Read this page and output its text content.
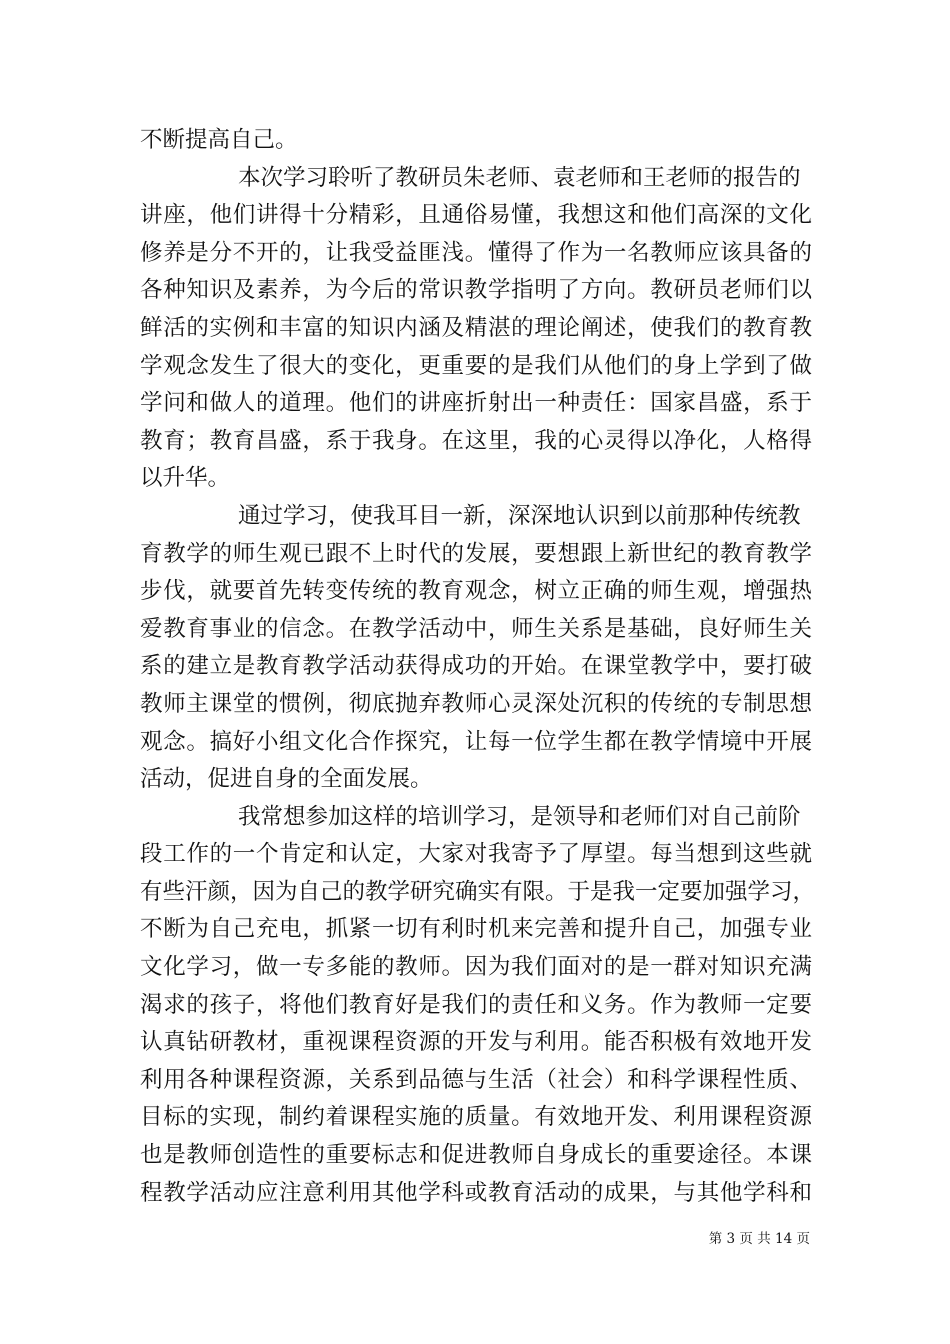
不断提高自己。
本次学习聆听了教研员朱老师、袁老师和王老师的报告的
讲座，他们讲得十分精彩，且通俗易懂，我想这和他们高深的文化
修养是分不开的，让我受益匪浅。懂得了作为一名教师应该具备的
各种知识及素养，为今后的常识教学指明了方向。教研员老师们以
鲜活的实例和丰富的知识内涵及精湛的理论阐述，使我们的教育教
学观念发生了很大的变化，更重要的是我们从他们的身上学到了做
学问和做人的道理。他们的讲座折射出一种责任：国家昌盛，系于
教育；教育昌盛，系于我身。在这里，我的心灵得以净化，人格得
以升华。
通过学习，使我耳目一新，深深地认识到以前那种传统教
育教学的师生观已跟不上时代的发展，要想跟上新世纪的教育教学
步伐，就要首先转变传统的教育观念，树立正确的师生观，增强热
爱教育事业的信念。在教学活动中，师生关系是基础，良好师生关
系的建立是教育教学活动获得成功的开始。在课堂教学中，要打破
教师主课堂的惯例，彻底抛弃教师心灵深处沉积的传统的专制思想
观念。搞好小组文化合作探究，让每一位学生都在教学情境中开展
活动，促进自身的全面发展。
我常想参加这样的培训学习，是领导和老师们对自己前阶
段工作的一个肯定和认定，大家对我寄予了厚望。每当想到这些就
有些汗颜，因为自己的教学研究确实有限。于是我一定要加强学习，
不断为自己充电，抓紧一切有利时机来完善和提升自己，加强专业
文化学习，做一专多能的教师。因为我们面对的是一群对知识充满
渴求的孩子，将他们教育好是我们的责任和义务。作为教师一定要
认真钻研教材，重视课程资源的开发与利用。能否积极有效地开发
利用各种课程资源，关系到品德与生活（社会）和科学课程性质、
目标的实现，制约着课程实施的质量。有效地开发、利用课程资源
也是教师创造性的重要标志和促进教师自身成长的重要途径。本课
程教学活动应注意利用其他学科或教育活动的成果，与其他学科和
第 3 页 共 14 页
